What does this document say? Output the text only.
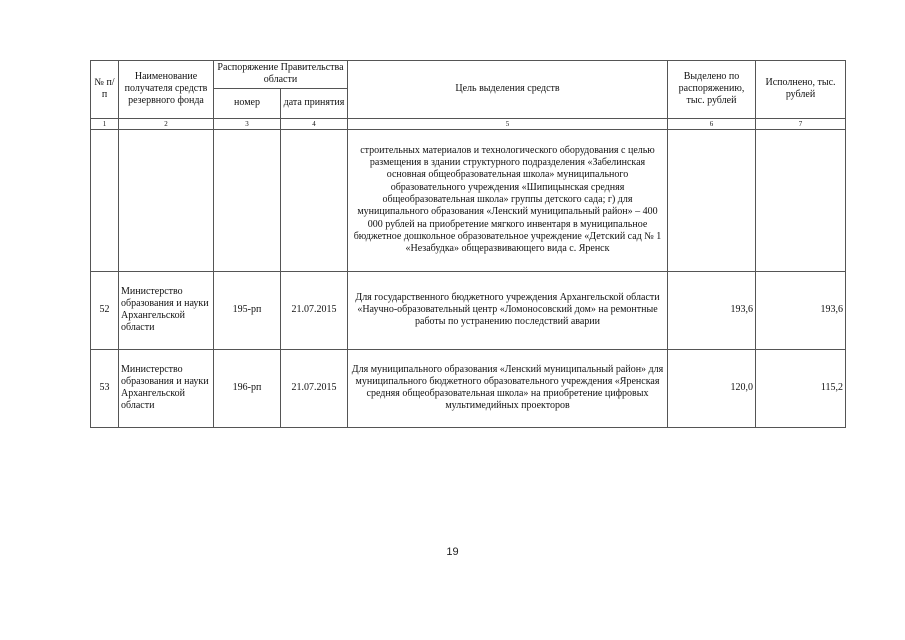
№ п/п	Наименование получателя средств резервного фонда	Распоряжение Правительства области		Цель выделения средств	Выделено по распоряжению, тыс. рублей	Исполнено, тыс. рублей
		номер	дата принятия			
1	2	3	4	5	6	7
				строительных материалов и технологического оборудования с целью размещения в здании структурного подразделения «Забелинская основная общеобразовательная школа» муниципального образовательного учреждения «Шипицынская средняя общеобразовательная школа» группы детского сада; г) для муниципального образования «Ленский муниципальный район» – 400 000 рублей на приобретение мягкого инвентаря в муниципальное бюджетное дошкольное образовательное учреждение «Детский сад № 1 «Незабудка» общеразвивающего вида с. Яренск		
52	Министерство образования и науки Архангельской области	195-рп	21.07.2015	Для государственного бюджетного учреждения Архангельской области «Научно-образовательный центр «Ломоносовский дом» на ремонтные работы по устранению последствий аварии	193,6	193,6
53	Министерство образования и науки Архангельской области	196-рп	21.07.2015	Для муниципального образования «Ленский муниципальный район» для муниципального бюджетного образовательного учреждения «Яренская средняя общеобразовательная школа» на приобретение цифровых мультимедийных проектоpов	120,0	115,2
19
